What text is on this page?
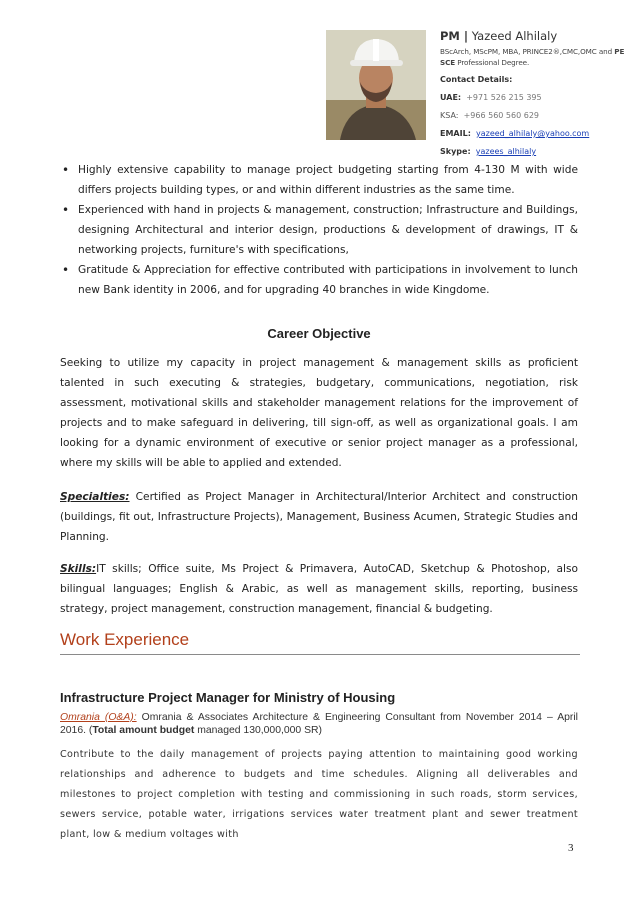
PM | Yazeed Alhilaly
BScArch, MScPM, MBA, PRINCE2®,CMC,OMC and PE SCE Professional Degree.
Contact Details:
UAE: +971 526 215 395
KSA: +966 560 560 629
EMAIL: yazeed_alhilaly@yahoo.com
Skype: yazees_alhilaly
• Highly extensive capability to manage project budgeting starting from 4-130 M with wide differs projects building types, or and within different industries as the same time.
• Experienced with hand in projects & management, construction; Infrastructure and Buildings, designing Architectural and interior design, productions & development of drawings, IT & networking projects, furniture's with specifications,
• Gratitude & Appreciation for effective contributed with participations in involvement to lunch new Bank identity in 2006, and for upgrading 40 branches in wide Kingdome.
Career Objective

Seeking to utilize my capacity in project management & management skills as proficient talented in such executing & strategies, budgetary, communications, negotiation, risk assessment, motivational skills and stakeholder management relations for the improvement of projects and to make safeguard in delivering, till sign-off, as well as organizational goals. I am looking for a dynamic environment of executive or senior project manager as a professional, where my skills will be able to applied and extended.

Specialties: Certified as Project Manager in Architectural/Interior Architect and construction (buildings, fit out, Infrastructure Projects), Management, Business Acumen, Strategic Studies and Planning.

Skills:IT skills; Office suite, Ms Project & Primavera, AutoCAD, Sketchup & Photoshop, also bilingual languages; English & Arabic, as well as management skills, reporting, business strategy, project management, construction management, financial & budgeting.

Work Experience
Infrastructure Project Manager for Ministry of Housing
Omrania (O&A): Omrania & Associates Architecture & Engineering Consultant from November 2014 – April 2016. (Total amount budget managed 130,000,000 SR)

Contribute to the daily management of projects paying attention to maintaining good working relationships and adherence to budgets and time schedules. Aligning all deliverables and milestones to project completion with testing and commissioning in such roads, storm services, sewers service, potable water, irrigations services water treatment plant and sewer treatment plant, low & medium voltages with

3
